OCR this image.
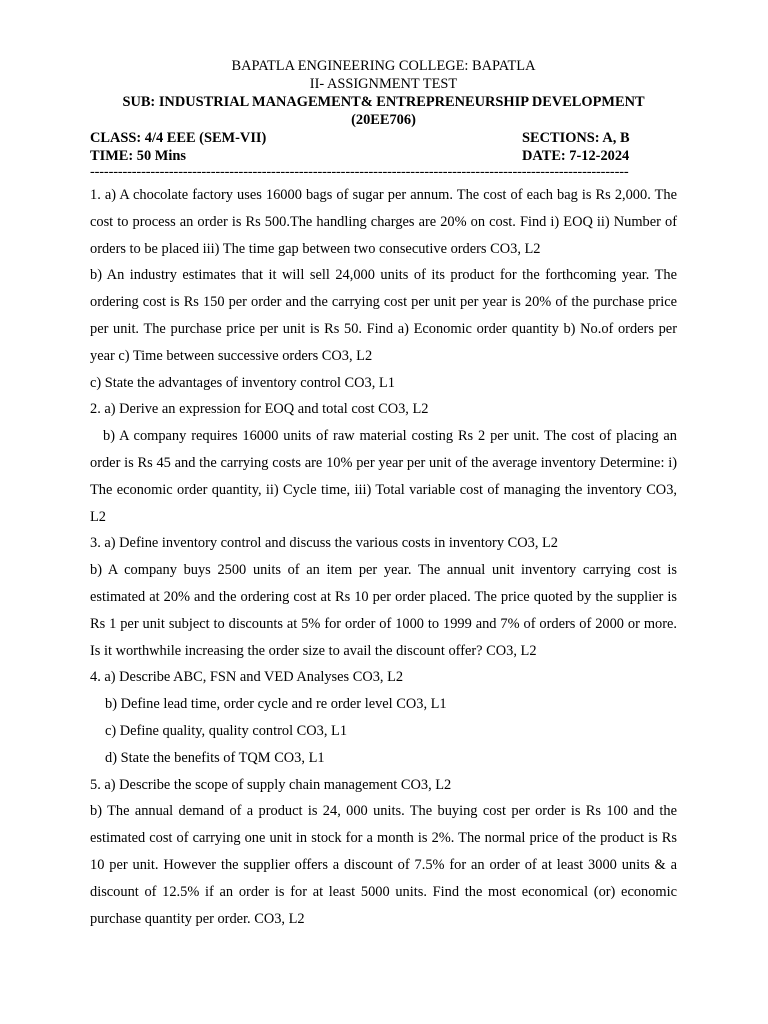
BAPATLA ENGINEERING COLLEGE: BAPATLA
II- ASSIGNMENT TEST
SUB: INDUSTRIAL MANAGEMENT& ENTREPRENEURSHIP DEVELOPMENT
(20EE706)
CLASS: 4/4 EEE (SEM-VII)	SECTIONS: A, B
TIME: 50 Mins	DATE: 7-12-2024
--------------------------------------------------------------------------------------------------------------------

1. a) A chocolate factory uses 16000 bags of sugar per annum. The cost of each bag is Rs 2,000. The cost to process an order is Rs 500.The handling charges are 20% on cost. Find i) EOQ ii) Number of orders to be placed iii) The time gap between two consecutive orders CO3, L2

b) An industry estimates that it will sell 24,000 units of its product for the forthcoming year. The ordering cost is Rs 150 per order and the carrying cost per unit per year is 20% of the purchase price per unit. The purchase price per unit is Rs 50. Find a) Economic order quantity b) No.of orders per year c) Time between successive orders CO3, L2

c) State the advantages of inventory control CO3, L1

2. a) Derive an expression for EOQ and total cost CO3, L2

b) A company requires 16000 units of raw material costing Rs 2 per unit. The cost of placing an order is Rs 45 and the carrying costs are 10% per year per unit of the average inventory Determine: i) The economic order quantity, ii) Cycle time, iii) Total variable cost of managing the inventory CO3, L2

3. a) Define inventory control and discuss the various costs in inventory CO3, L2

b) A company buys 2500 units of an item per year. The annual unit inventory carrying cost is estimated at 20% and the ordering cost at Rs 10 per order placed. The price quoted by the supplier is Rs 1 per unit subject to discounts at 5% for order of 1000 to 1999 and 7% of orders of 2000 or more. Is it worthwhile increasing the order size to avail the discount offer? CO3, L2

4. a) Describe ABC, FSN and VED Analyses CO3, L2

b) Define lead time, order cycle and re order level CO3, L1

c) Define quality, quality control CO3, L1

d) State the benefits of TQM CO3, L1

5. a) Describe the scope of supply chain management CO3, L2

b) The annual demand of a product is 24, 000 units. The buying cost per order is Rs 100 and the estimated cost of carrying one unit in stock for a month is 2%. The normal price of the product is Rs 10 per unit. However the supplier offers a discount of 7.5% for an order of at least 3000 units & a discount of 12.5% if an order is for at least 5000 units. Find the most economical (or) economic purchase quantity per order. CO3, L2
